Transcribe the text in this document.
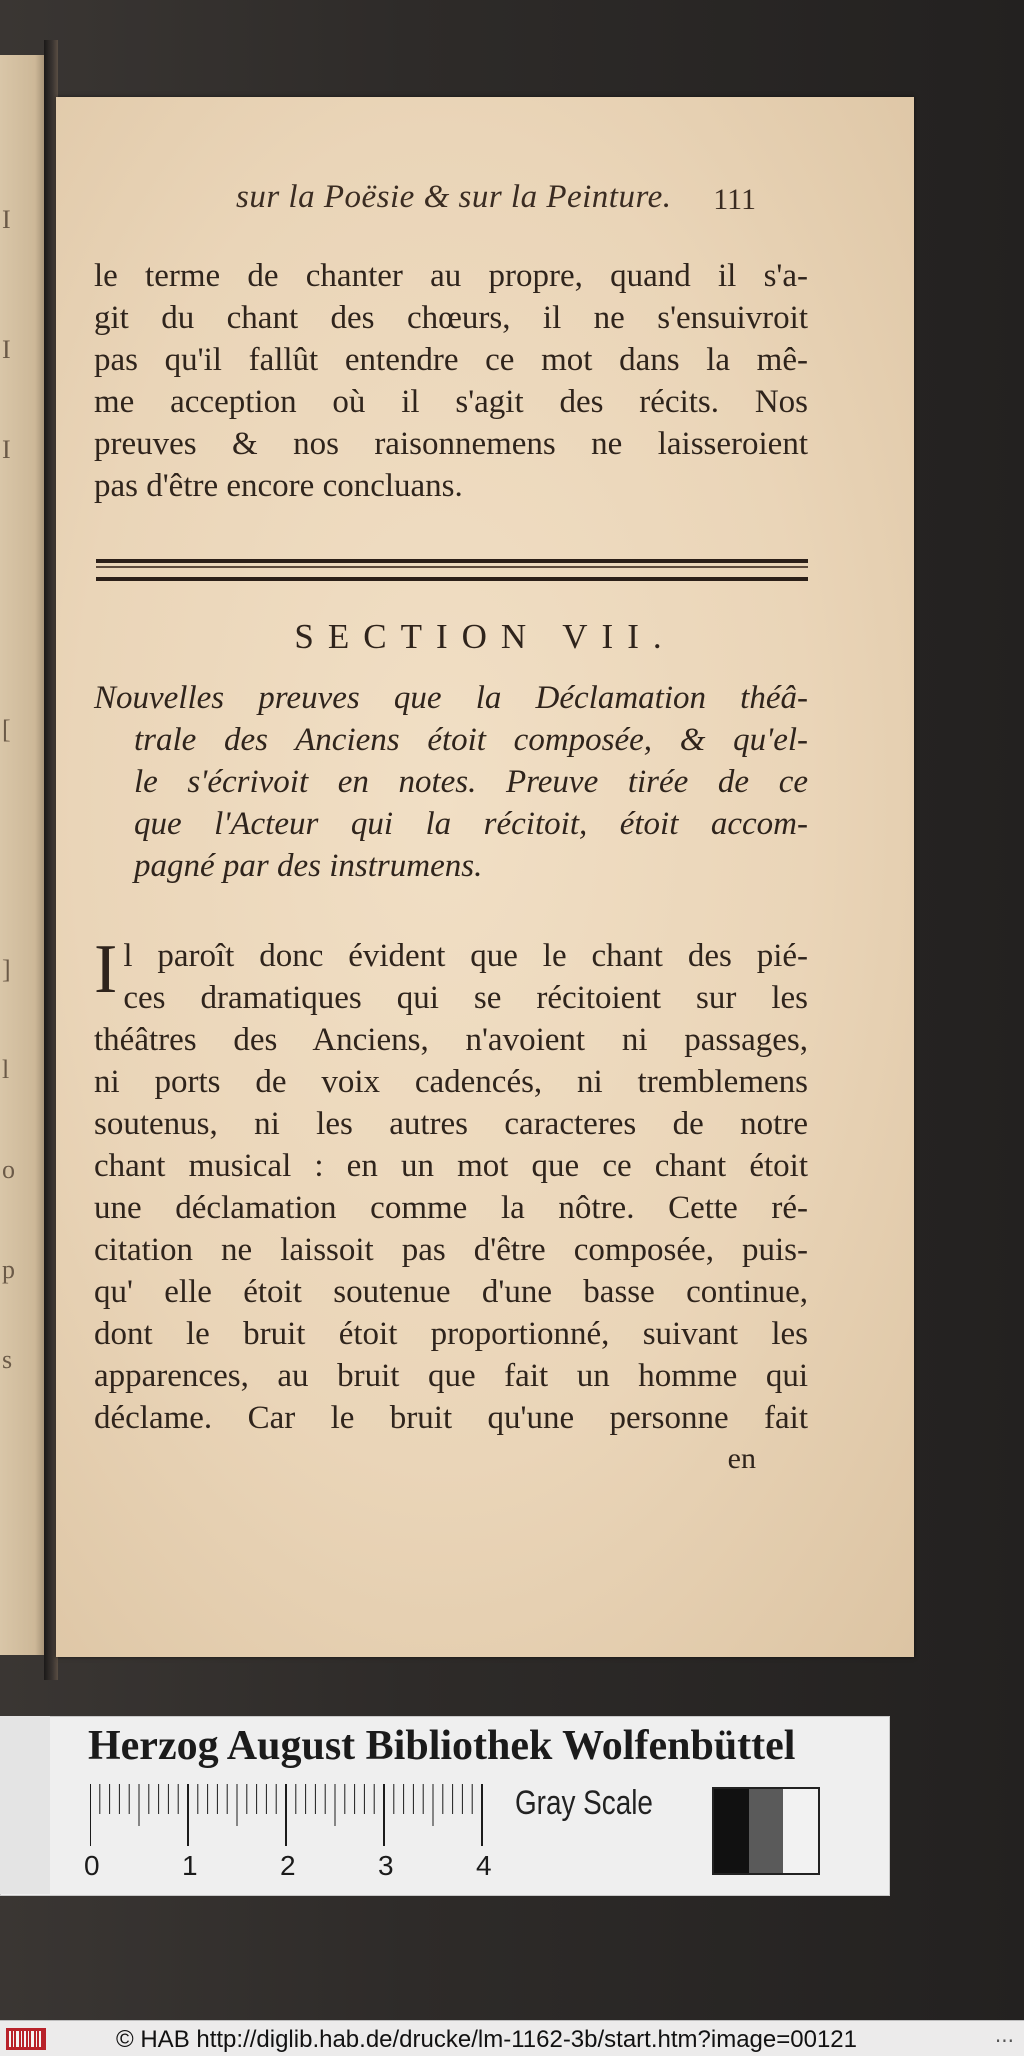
I
I
I
[
]
l
o
p
s
sur la Poësie & sur la Peinture.	111
le terme de chanter au propre, quand il s'a-
git du chant des chœurs, il ne s'ensuivroit
pas qu'il fallût entendre ce mot dans la mê-
me acception où il s'agit des récits. Nos
preuves & nos raisonnemens ne laisseroient
pas d'être encore concluans.
SECTION VII.
Nouvelles preuves que la Déclamation théâ-
trale des Anciens étoit composée, & qu'el-
le s'écrivoit en notes. Preuve tirée de ce
que l'Acteur qui la récitoit, étoit accom-
pagné par des instrumens.
I l paroît donc évident que le chant des pié-
ces dramatiques qui se récitoient sur les
théâtres des Anciens, n'avoient ni passages,
ni ports de voix cadencés, ni tremblemens
soutenus, ni les autres caracteres de notre
chant musical : en un mot que ce chant étoit
une déclamation comme la nôtre. Cette ré-
citation ne laissoit pas d'être composée, puis-
qu' elle étoit soutenue d'une basse continue,
dont le bruit étoit proportionné, suivant les
apparences, au bruit que fait un homme qui
déclame. Car le bruit qu'une personne fait
en
Herzog August Bibliothek Wolfenbüttel
0	1	2	3	4
Gray Scale
© HAB http://diglib.hab.de/drucke/lm-1162-3b/start.htm?image=00121	...
